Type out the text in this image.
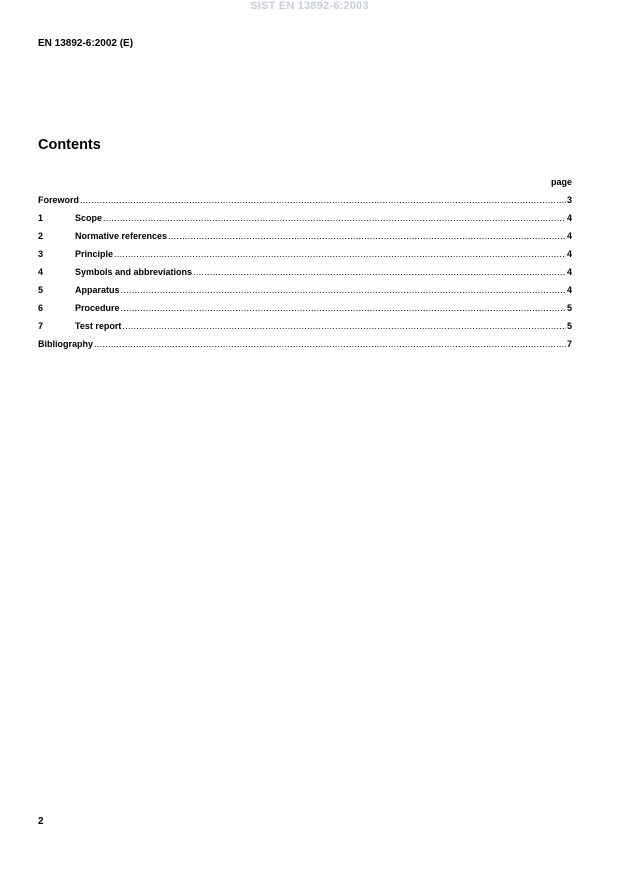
SIST EN 13892-6:2003
EN 13892-6:2002 (E)
Contents
page
Foreword .....	3
1	Scope .....	4
2	Normative references .....	4
3	Principle .....	4
4	Symbols and abbreviations .....	4
5	Apparatus .....	4
6	Procedure .....	5
7	Test report .....	5
Bibliography .....	7
2
